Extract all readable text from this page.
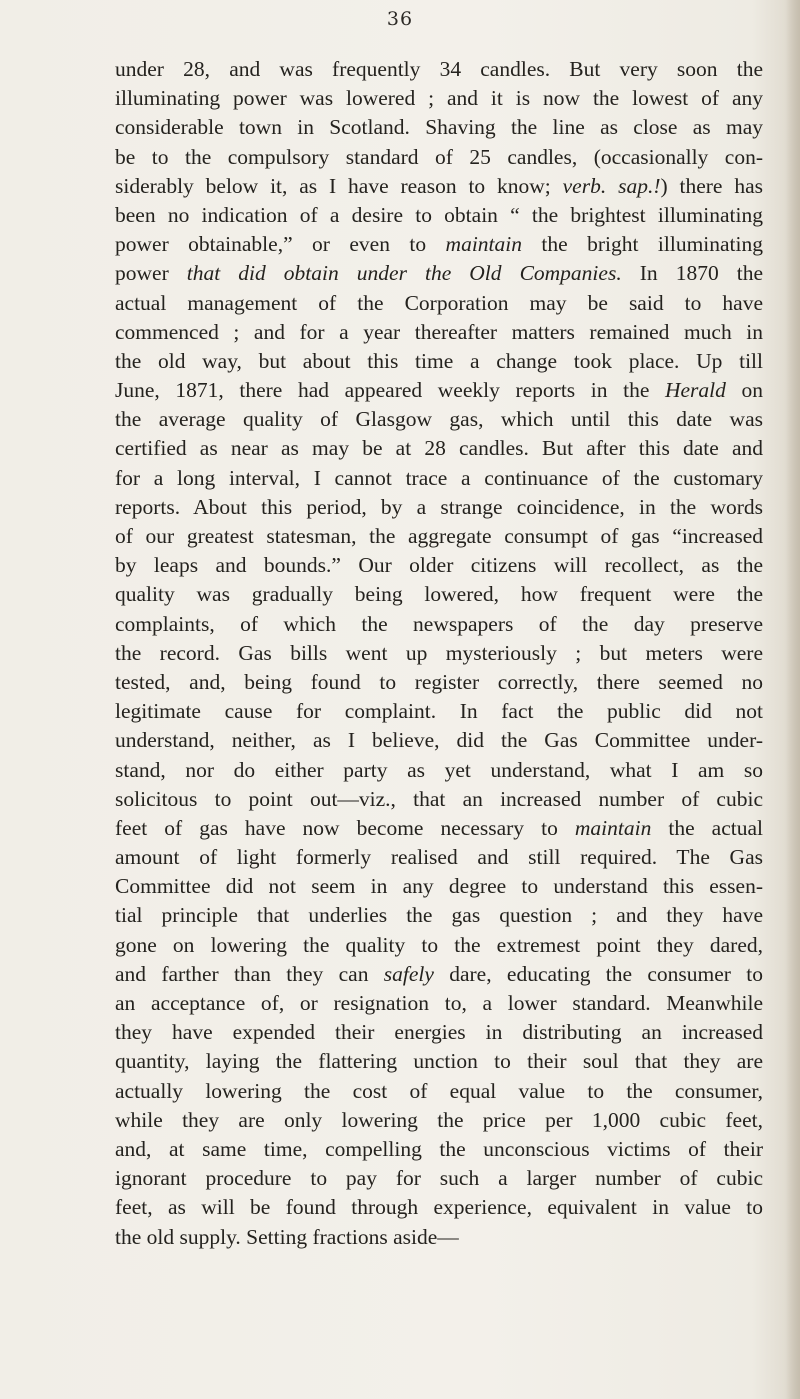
36
under 28, and was frequently 34 candles. But very soon the
illuminating power was lowered ; and it is now the lowest of any
considerable town in Scotland. Shaving the line as close as may
be to the compulsory standard of 25 candles, (occasionally con-
siderably below it, as I have reason to know; verb. sap.!) there has
been no indication of a desire to obtain “ the brightest illuminating
power obtainable,” or even to maintain the bright illuminating
power that did obtain under the Old Companies. In 1870 the
actual management of the Corporation may be said to have
commenced ; and for a year thereafter matters remained much in
the old way, but about this time a change took place. Up till
June, 1871, there had appeared weekly reports in the Herald on
the average quality of Glasgow gas, which until this date was
certified as near as may be at 28 candles. But after this date and
for a long interval, I cannot trace a continuance of the customary
reports. About this period, by a strange coincidence, in the words
of our greatest statesman, the aggregate consumpt of gas “increased
by leaps and bounds.” Our older citizens will recollect, as the
quality was gradually being lowered, how frequent were the
complaints, of which the newspapers of the day preserve
the record. Gas bills went up mysteriously ; but meters were
tested, and, being found to register correctly, there seemed no
legitimate cause for complaint. In fact the public did not
understand, neither, as I believe, did the Gas Committee under-
stand, nor do either party as yet understand, what I am so
solicitous to point out—viz., that an increased number of cubic
feet of gas have now become necessary to maintain the actual
amount of light formerly realised and still required. The Gas
Committee did not seem in any degree to understand this essen-
tial principle that underlies the gas question ; and they have
gone on lowering the quality to the extremest point they dared,
and farther than they can safely dare, educating the consumer to
an acceptance of, or resignation to, a lower standard. Meanwhile
they have expended their energies in distributing an increased
quantity, laying the flattering unction to their soul that they are
actually lowering the cost of equal value to the consumer,
while they are only lowering the price per 1,000 cubic feet,
and, at same time, compelling the unconscious victims of their
ignorant procedure to pay for such a larger number of cubic
feet, as will be found through experience, equivalent in value to
the old supply. Setting fractions aside—
